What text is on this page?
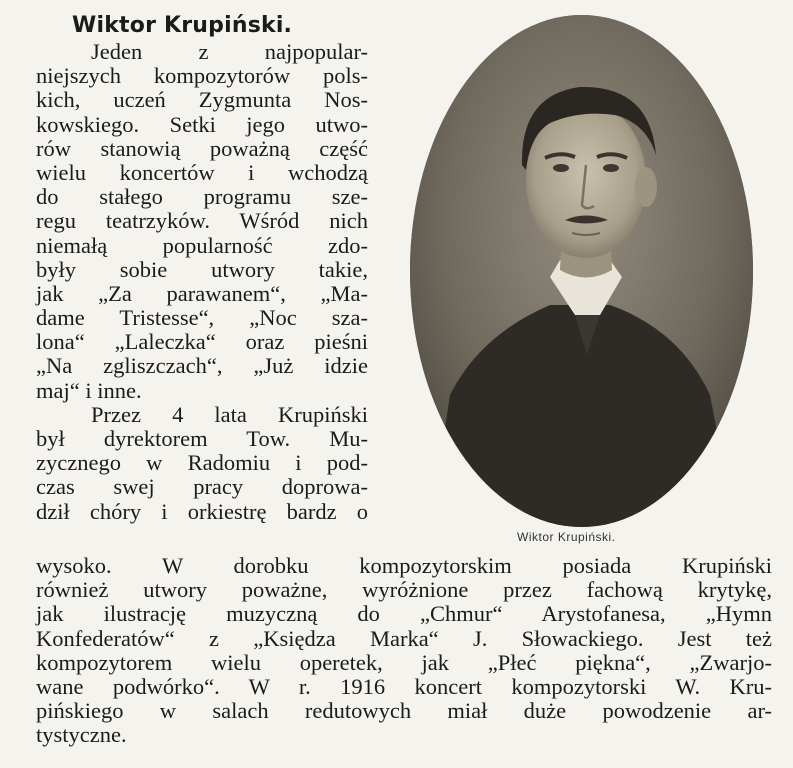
Wiktor Krupiński.

Jeden z najpopular-
niejszych kompozytorów pols-
kich, uczeń Zygmunta Nos-
kowskiego. Setki jego utwo-
rów stanowią poważną część
wielu koncertów i wchodzą
do stałego programu sze-
regu teatrzyków. Wśród nich
niemałą popularność zdo-
były sobie utwory takie,
jak „Za parawanem“, „Ma-
dame Tristesse“, „Noc sza-
lona“ „Laleczka“ oraz pieśni
„Na zgliszczach“, „Już idzie
maj“ i inne.

Przez 4 lata Krupiński
był dyrektorem Tow. Mu-
zycznego w Radomiu i pod-
czas swej pracy doprowa-
dził chóry i orkiestrę bardz o

Wiktor Krupiński.

wysoko. W dorobku kompozytorskim posiada Krupiński
również utwory poważne, wyróżnione przez fachową krytykę,
jak ilustrację muzyczną do „Chmur“ Arystofanesa, „Hymn
Konfederatów“ z „Księdza Marka“ J. Słowackiego. Jest też
kompozytorem wielu operetek, jak „Płeć piękna“, „Zwarjo-
wane podwórko“. W r. 1916 koncert kompozytorski W. Kru-
pińskiego w salach redutowych miał duże powodzenie ar-
tystyczne.
